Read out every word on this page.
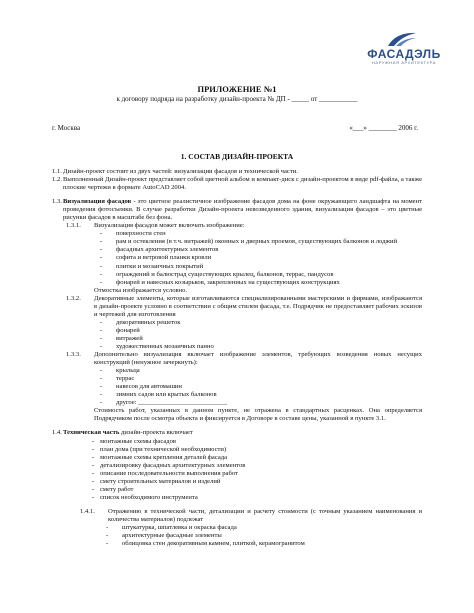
ФАСАДЭЛЬ
НАРУЖНАЯ АРХИТЕКТУРА
ПРИЛОЖЕНИЕ №1
к договору подряда на разработку дизайн-проекта № ДП - _____ от ___________
г. Москва	«___» ________ 2006 г.
1. СОСТАВ ДИЗАЙН-ПРОЕКТА
1.1. Дизайн-проект состоит из двух частей: визуализации фасадов и технической части.
1.2. Выполненный Дизайн-проект представляет собой цветной альбом и компакт-диск с дизайн-проектом в виде pdf-файла, а также плоские чертежи в формате AutoCAD 2004.
1.3. Визуализация фасадов - это цветное реалистичное изображение фасадов дома на фоне окружающего ландшафта на момент проведения фотосъемки. В случае разработки Дизайн-проекта невозведенного здания, визуализация фасадов – это цветные рисунки фасадов в масштабе без фона.
1.3.1. Визуализация фасадов может включать изображение:
- поверхности стен
- рам и остекления (в т.ч. витражей) оконных и дверных проемов, существующих балконов и лоджий
- фасадных архитектурных элементов
- софита и ветровой планки кровли
- плитки и мозаичных покрытий
- ограждений и балюстрад существующих крылец, балконов, террас, пандусов
- фонарей и навесных козырьков, закрепленных на существующих конструкциях
Отмостка изображается условно.
1.3.2. Декоративные элементы, которые изготавливаются специализированными мастерскими и фирмами, изображаются в дизайн-проекте условно в соответствии с общим стилем фасада, т.е. Подрядчик не предоставляет рабочих эскизов и чертежей для изготовления
- декоративных решеток
- фонарей
- витражей
- художественных мозаичных панно
1.3.3. Дополнительно визуализация включает изображение элементов, требующих возведения новых несущих конструкций (ненужное зачеркнуть):
- крыльца
- террас
- навесов для автомашин
- зимних садов или крытых балконов
- другое: ___________________________
Стоимость работ, указанных в данном пункте, не отражена в стандартных расценках. Она определяется Подрядчиком после осмотра объекта и фиксируется в Договоре в составе цены, указанной в пункте 3.1.
1.4. Техническая часть дизайн-проекта включает
- монтажные схемы фасадов
- план дома (при технической необходимости)
- монтажные схемы крепления деталей фасада
- детализировку фасадных архитектурных элементов
- описание последовательности выполнения работ
- смету строительных материалов и изделий
- смету работ
- список необходимого инструмента
1.4.1. Отражению в технической части, детализации и расчету стоимости (с точным указанием наименования и количества материалов) подлежат
- штукатурка, шпатлевка и окраска фасада
- архитектурные фасадные элементы
- облицовка стен декоративным камнем, плиткой, керамогранитом
